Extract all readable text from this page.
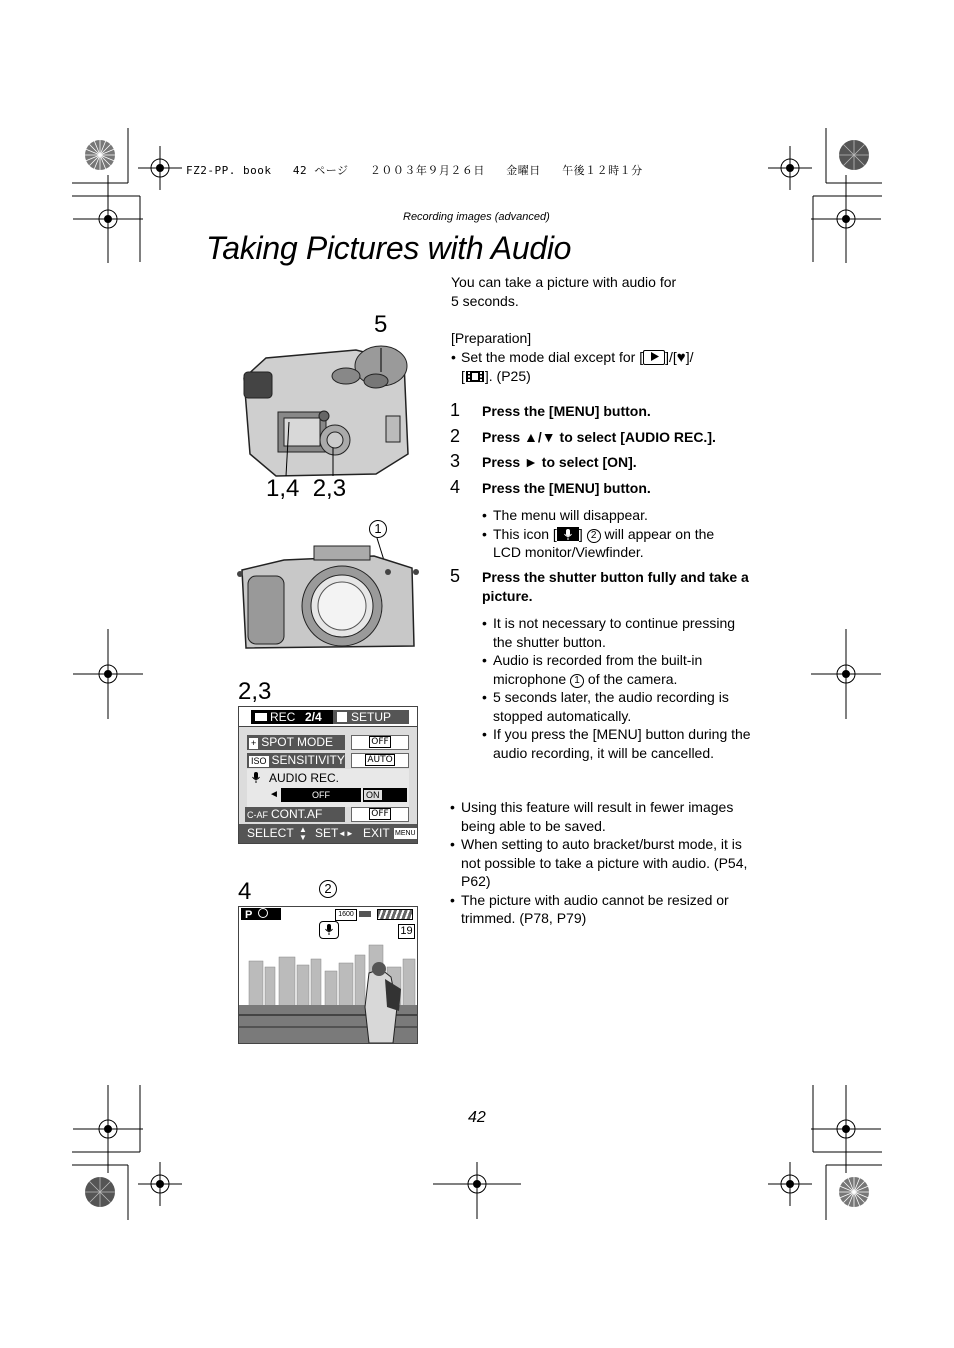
FZ2-PP. book   42 ページ   ２００３年９月２６日   金曜日   午後１２時１分
Recording images (advanced)
Taking Pictures with Audio
You can take a picture with audio for
5 seconds.
[Preparation]
• Set the mode dial except for [ ]/[♥]/
[ ]. (P25)
1 Press the [MENU] button.
2 Press ▲/▼ to select [AUDIO REC.].
3 Press ► to select [ON].
4 Press the [MENU] button.
• The menu will disappear.
• This icon [ ] 2 will appear on the
LCD monitor/Viewfinder.
5 Press the shutter button fully and take a picture.
• It is not necessary to continue pressing the shutter button.
• Audio is recorded from the built-in microphone 1 of the camera.
• 5 seconds later, the audio recording is stopped automatically.
• If you press the [MENU] button during the audio recording, it will be cancelled.
• Using this feature will result in fewer images being able to be saved.
• When setting to auto bracket/burst mode, it is not possible to take a picture with audio. (P54, P62)
• The picture with audio cannot be resized or trimmed. (P78, P79)
5
1,4  2,3
1
2,3
REC 2/4	SETUP
+ SPOT MODE	OFF
ISO SENSITIVITY	AUTO
AUDIO REC.
◄	OFF	ON
C-AF CONT.AF	OFF
SELECT ▲
▼ SET ◄► EXIT MENU
4	2
P	1600
19
42
